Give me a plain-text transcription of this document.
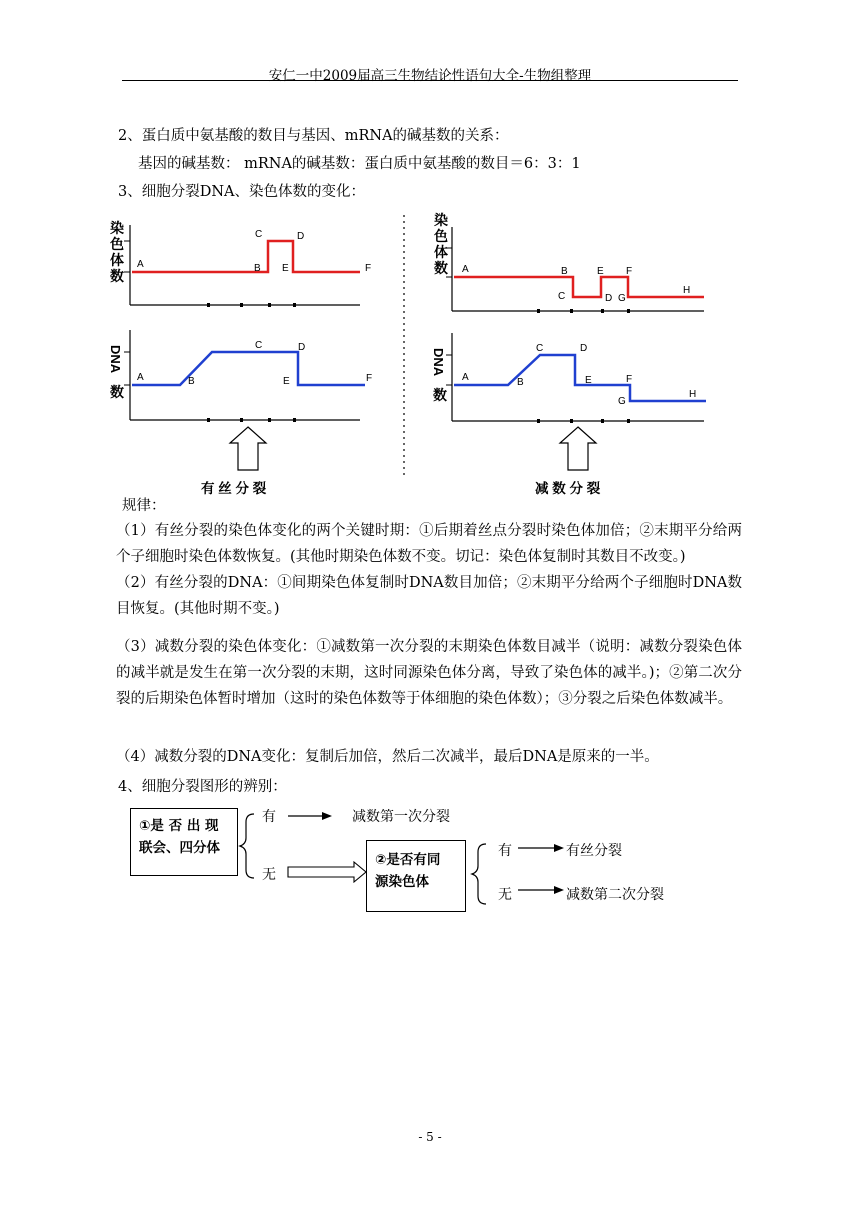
安仁一中2009届高三生物结论性语句大全-生物组整理
2、蛋白质中氨基酸的数目与基因、mRNA的碱基数的关系：
基因的碱基数： mRNA的碱基数：蛋白质中氨基酸的数目＝6：3：1
3、细胞分裂DNA、染色体数的变化：
A	B
C	D
E	F
染
色
体
数
A	B
C	D
E	F
DNA
数
A	B
C
E
D
F
G
H
染
色
体
数
A	B
C	D
E	F
G
H
DNA
数
有 丝 分 裂	减 数 分 裂
规律：
（1）有丝分裂的染色体变化的两个关键时期：①后期着丝点分裂时染色体加倍；②末期平分给两个子细胞时染色体数恢复。(其他时期染色体数不变。切记：染色体复制时其数目不改变。)
（2）有丝分裂的DNA：①间期染色体复制时DNA数目加倍；②末期平分给两个子细胞时DNA数目恢复。(其他时期不变。)
（3）减数分裂的染色体变化：①减数第一次分裂的末期染色体数目减半（说明：减数分裂染色体的减半就是发生在第一次分裂的末期，这时同源染色体分离，导致了染色体的减半。)；②第二次分裂的后期染色体暂时增加（这时的染色体数等于体细胞的染色体数）；③分裂之后染色体数减半。
（4）减数分裂的DNA变化：复制后加倍，然后二次减半，最后DNA是原来的一半。
4、细胞分裂图形的辨别：
①是 否 出 现
联会、四分体
有	减数第一次分裂
无
②是否有同
源染色体
有	有丝分裂
无	减数第二次分裂
- 5 -
